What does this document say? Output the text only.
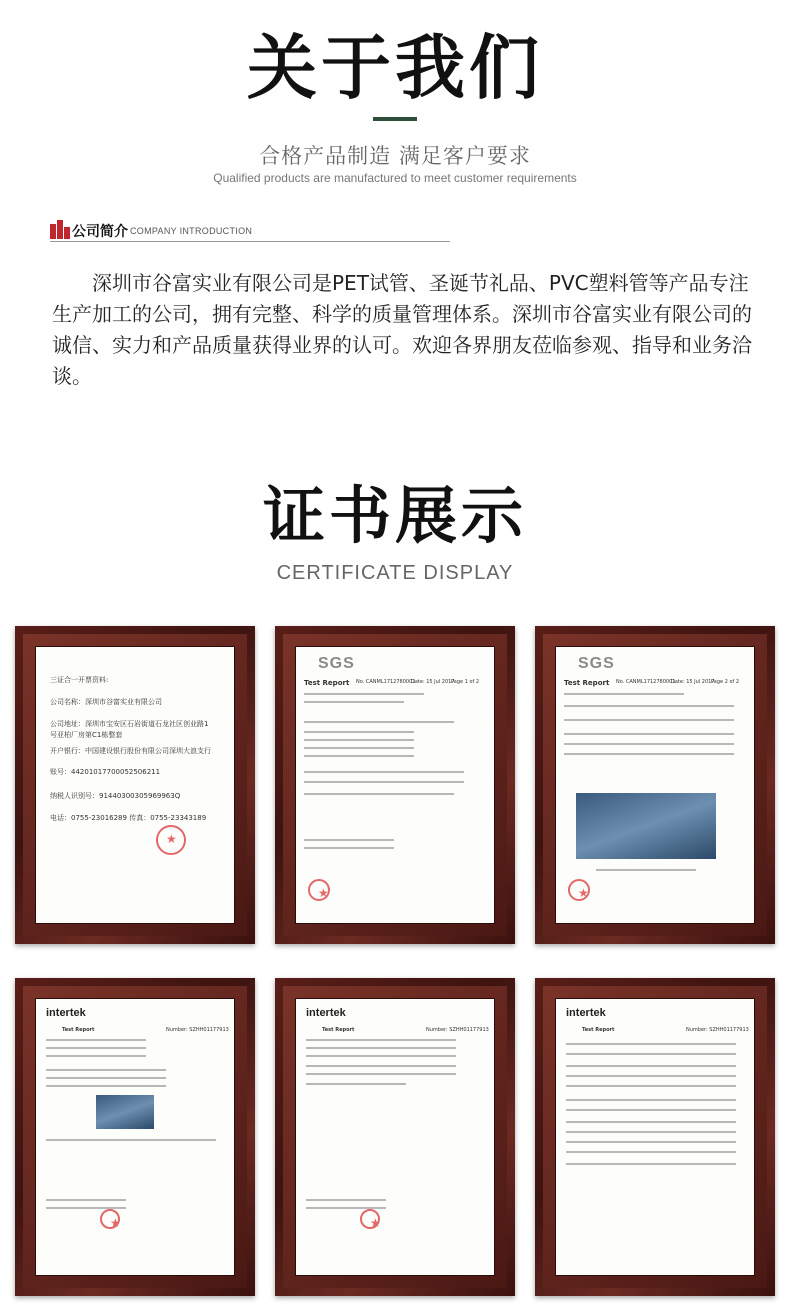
关于我们
合格产品制造 满足客户要求
Qualified products are manufactured to meet customer requirements
公司简介 COMPANY INTRODUCTION

深圳市谷富实业有限公司是PET试管、圣诞节礼品、PVC塑料管等产品专注生产加工的公司，拥有完整、科学的质量管理体系。深圳市谷富实业有限公司的诚信、实力和产品质量获得业界的认可。欢迎各界朋友莅临参观、指导和业务洽谈。

证书展示
CERTIFICATE DISPLAY
三证合一开票资料:
公司名称：深圳市谷富实业有限公司
公司地址：深圳市宝安区石岩街道石龙社区创业路1
号亚柏厂房第C1栋整套
开户银行：中国建设银行股份有限公司深圳大浪支行
账号：44201017700052506211
纳税人识别号：91440300305969963Q
电话：0755-23016289 传真：0755-23343189
★
SGS
Test Report No. CANML1712780001
Date: 15 Jul 2017
Page 1 of 2
★
SGS
Test Report No. CANML1712780001
Date: 15 Jul 2017
Page 2 of 2
★
intertek
Test Report	Number: SZHH01177913
★
intertek
Test Report	Number: SZHH01177913
★
intertek
Test Report	Number: SZHH01177913
